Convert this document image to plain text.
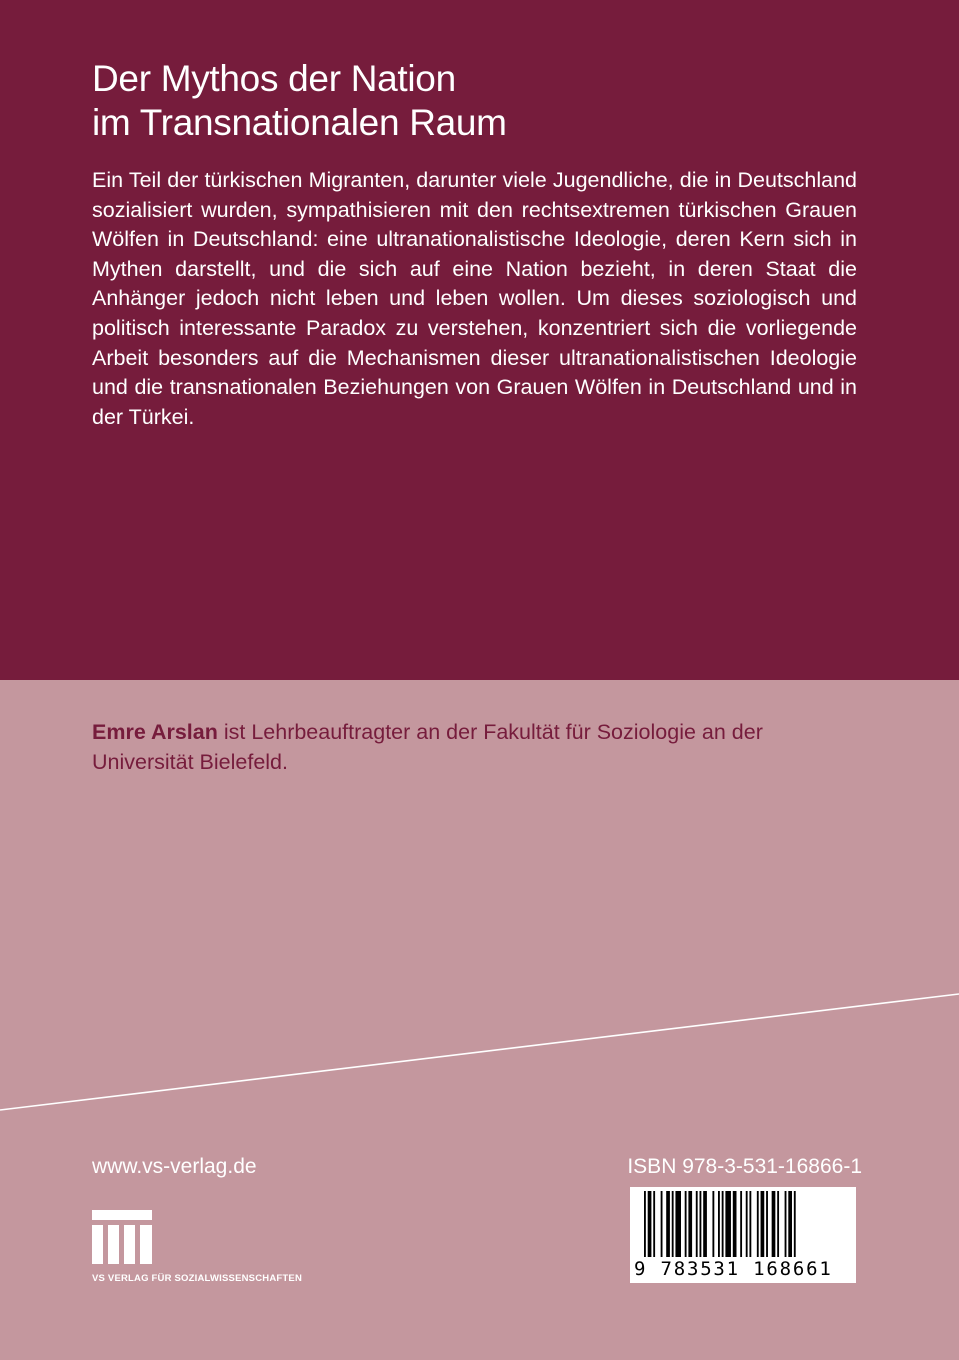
Der Mythos der Nation
im Transnationalen Raum

Ein Teil der türkischen Migranten, darunter viele Jugendliche, die in Deutschland sozialisiert wurden, sympathisieren mit den rechtsextremen türkischen Grauen Wölfen in Deutschland: eine ultranationalistische Ideologie, deren Kern sich in Mythen darstellt, und die sich auf eine Nation bezieht, in deren Staat die Anhänger jedoch nicht leben und leben wollen. Um dieses soziologisch und politisch interessante Paradox zu verstehen, konzentriert sich die vorliegende Arbeit besonders auf die Mechanismen dieser ultranationalistischen Ideologie und die transnationalen Beziehungen von Grauen Wölfen in Deutschland und in der Türkei.

Emre Arslan ist Lehrbeauftragter an der Fakultät für Soziologie an der Universität Bielefeld.

www.vs-verlag.de
VS VERLAG FÜR SOZIALWISSENSCHAFTEN
ISBN 978-3-531-16866-1
9 783531 168661
